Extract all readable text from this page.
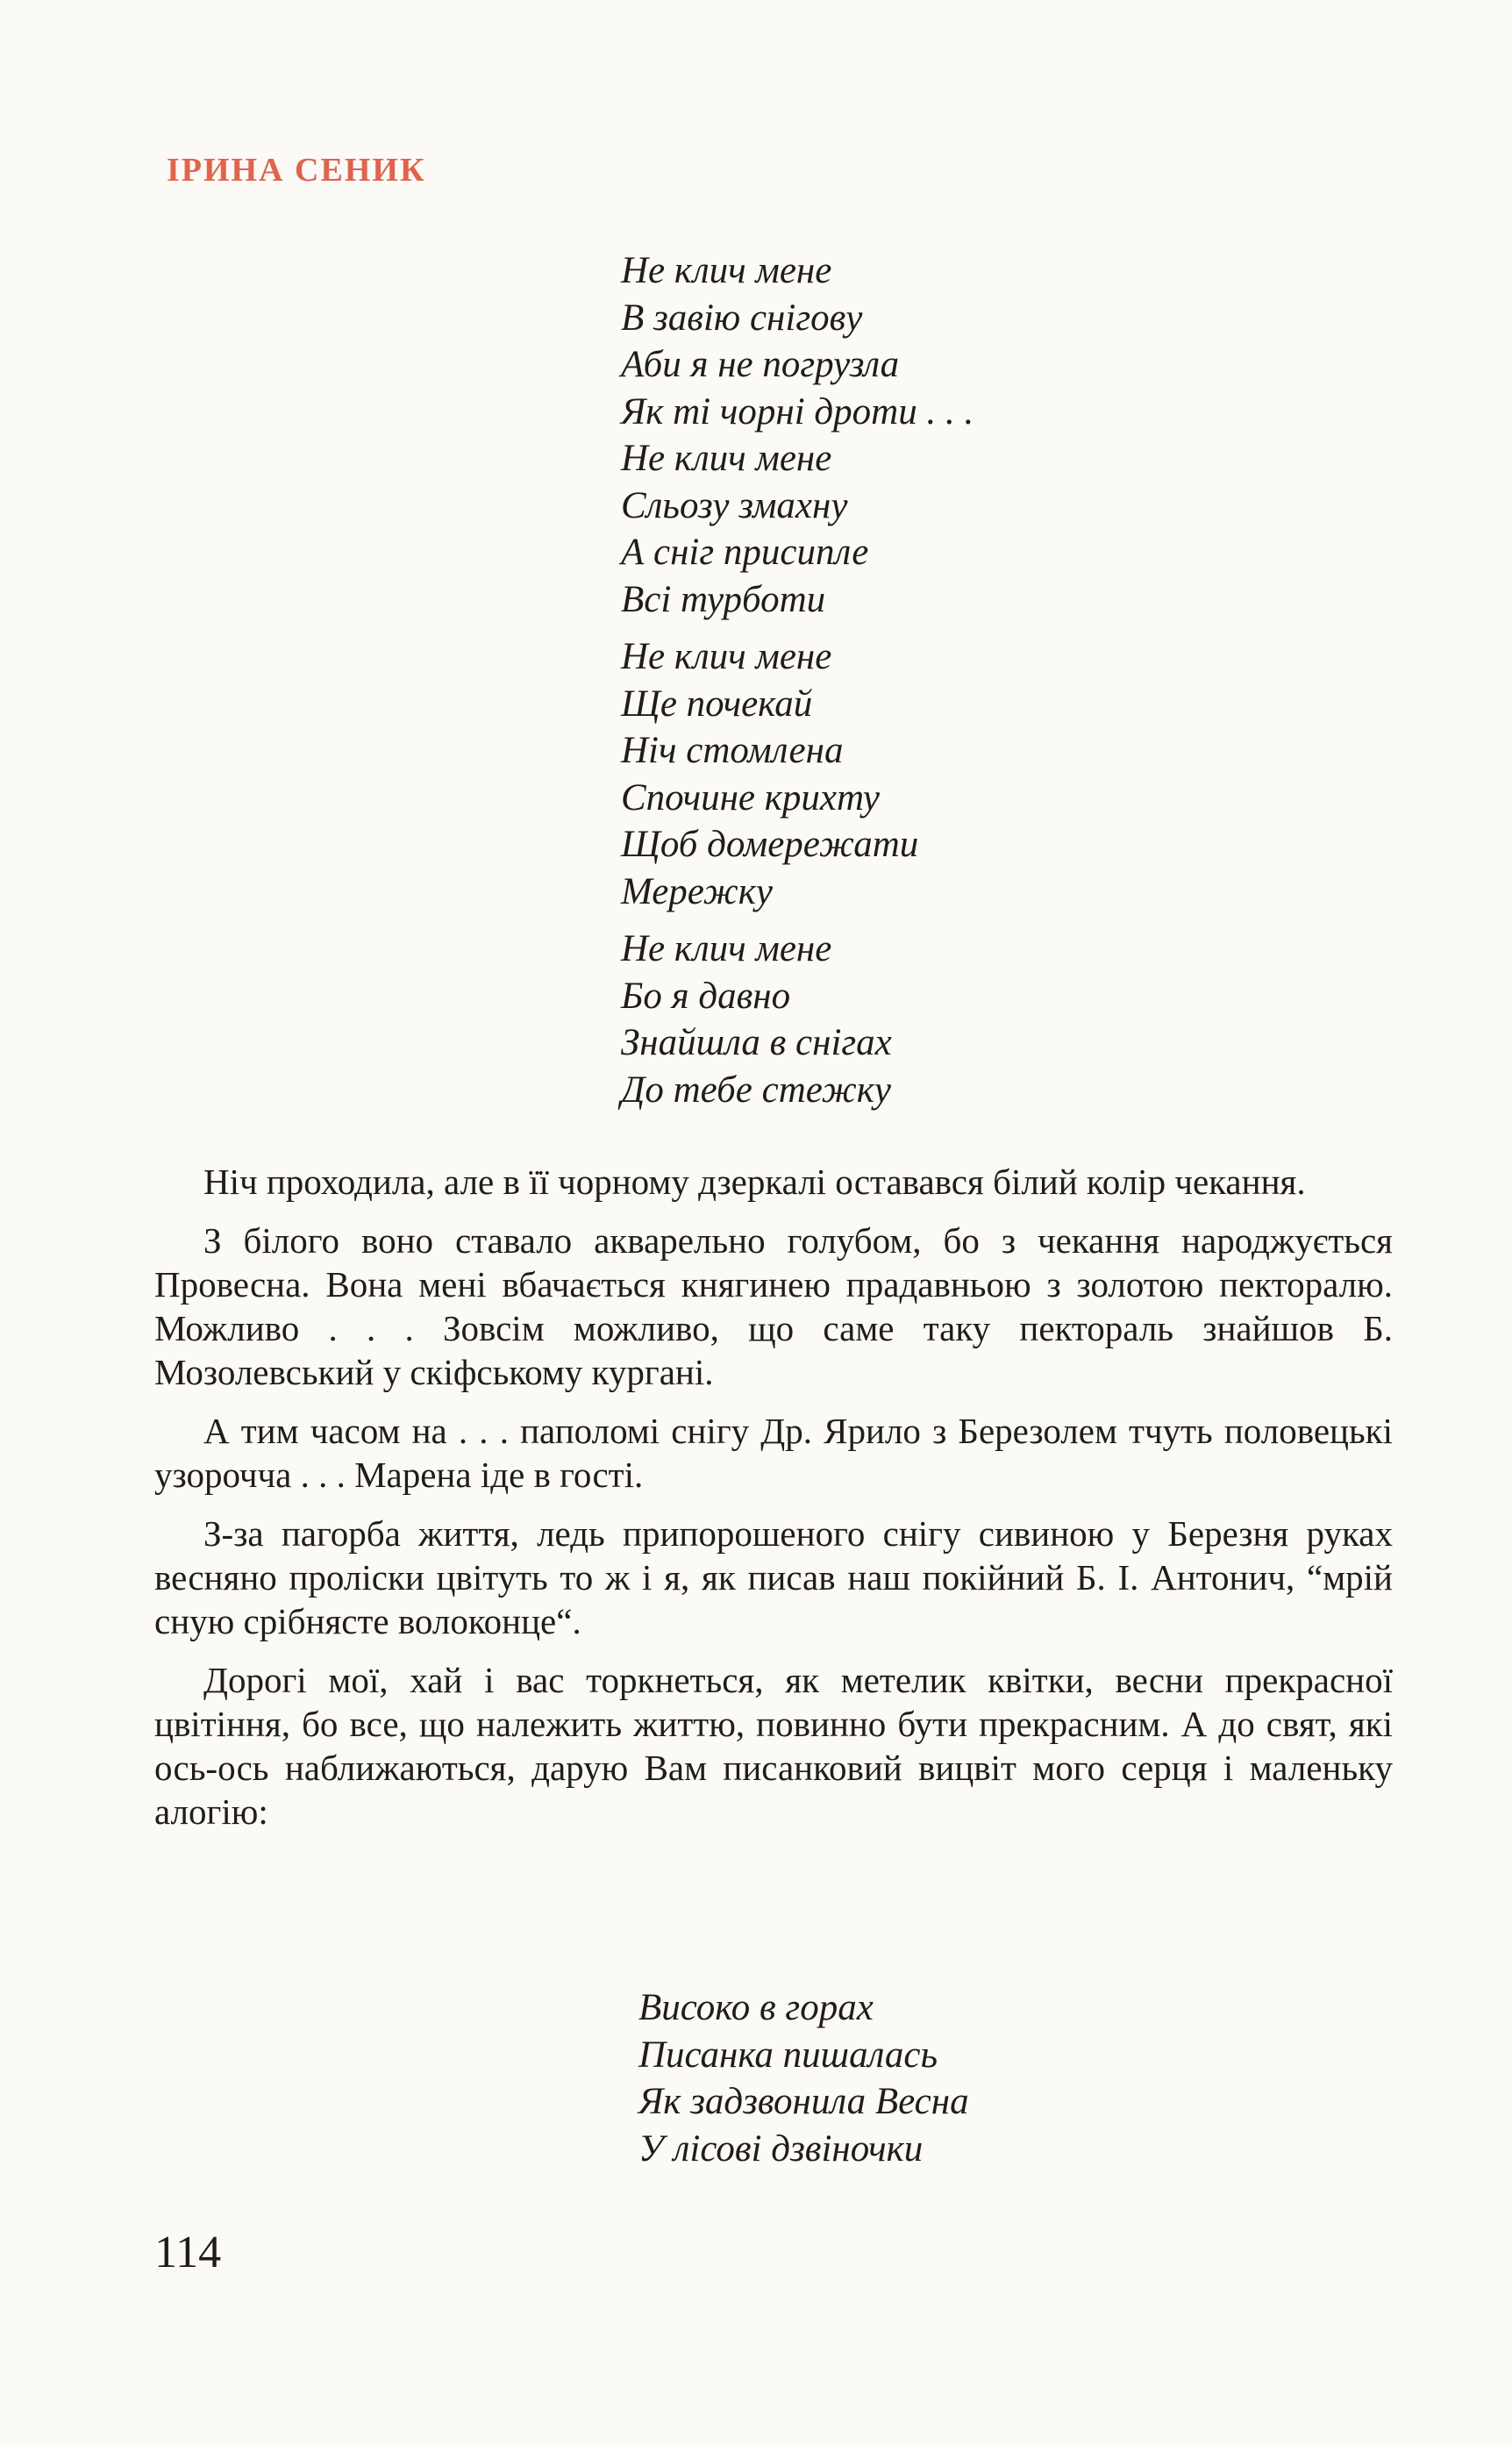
ІРИНА СЕНИК
Не клич мене
В завію снігову
Аби я не погрузла
Як ті чорні дроти . . .
Не клич мене
Сльозу змахну
А сніг присипле
Всі турботи
Не клич мене
Ще почекай
Ніч стомлена
Спочине крихту
Щоб домережати
Мережку
Не клич мене
Бо я давно
Знайшла в снігах
До тебе стежку

Ніч проходила, але в її чорному дзеркалі оставався білий колір чекання.

З білого воно ставало акварельно голубом, бо з чекання народжується Провесна. Вона мені вбачається княгинею прадавньою з золотою пекторалю. Можливо . . . Зовсім можливо, що саме таку пектораль знайшов Б. Мозолевський у скіфському кургані.

А тим часом на . . . паполомі снігу Др. Ярило з Березолем тчуть половецькі узорочча . . . Марена іде в гості.

З-за пагорба життя, ледь припорошеного снігу сивиною у Березня руках весняно проліски цвітуть то ж і я, як писав наш покійний Б. І. Антонич, “мрій сную срібнясте волоконце“.

Дорогі мої, хай і вас торкнеться, як метелик квітки, весни прекрасної цвітіння, бо все, що належить життю, повинно бути прекрасним. А до свят, які ось-ось наближаються, дарую Вам писанковий вицвіт мого серця і маленьку алогію:

Високо в горах
Писанка пишалась
Як задзвонила Весна
У лісові дзвіночки
114
